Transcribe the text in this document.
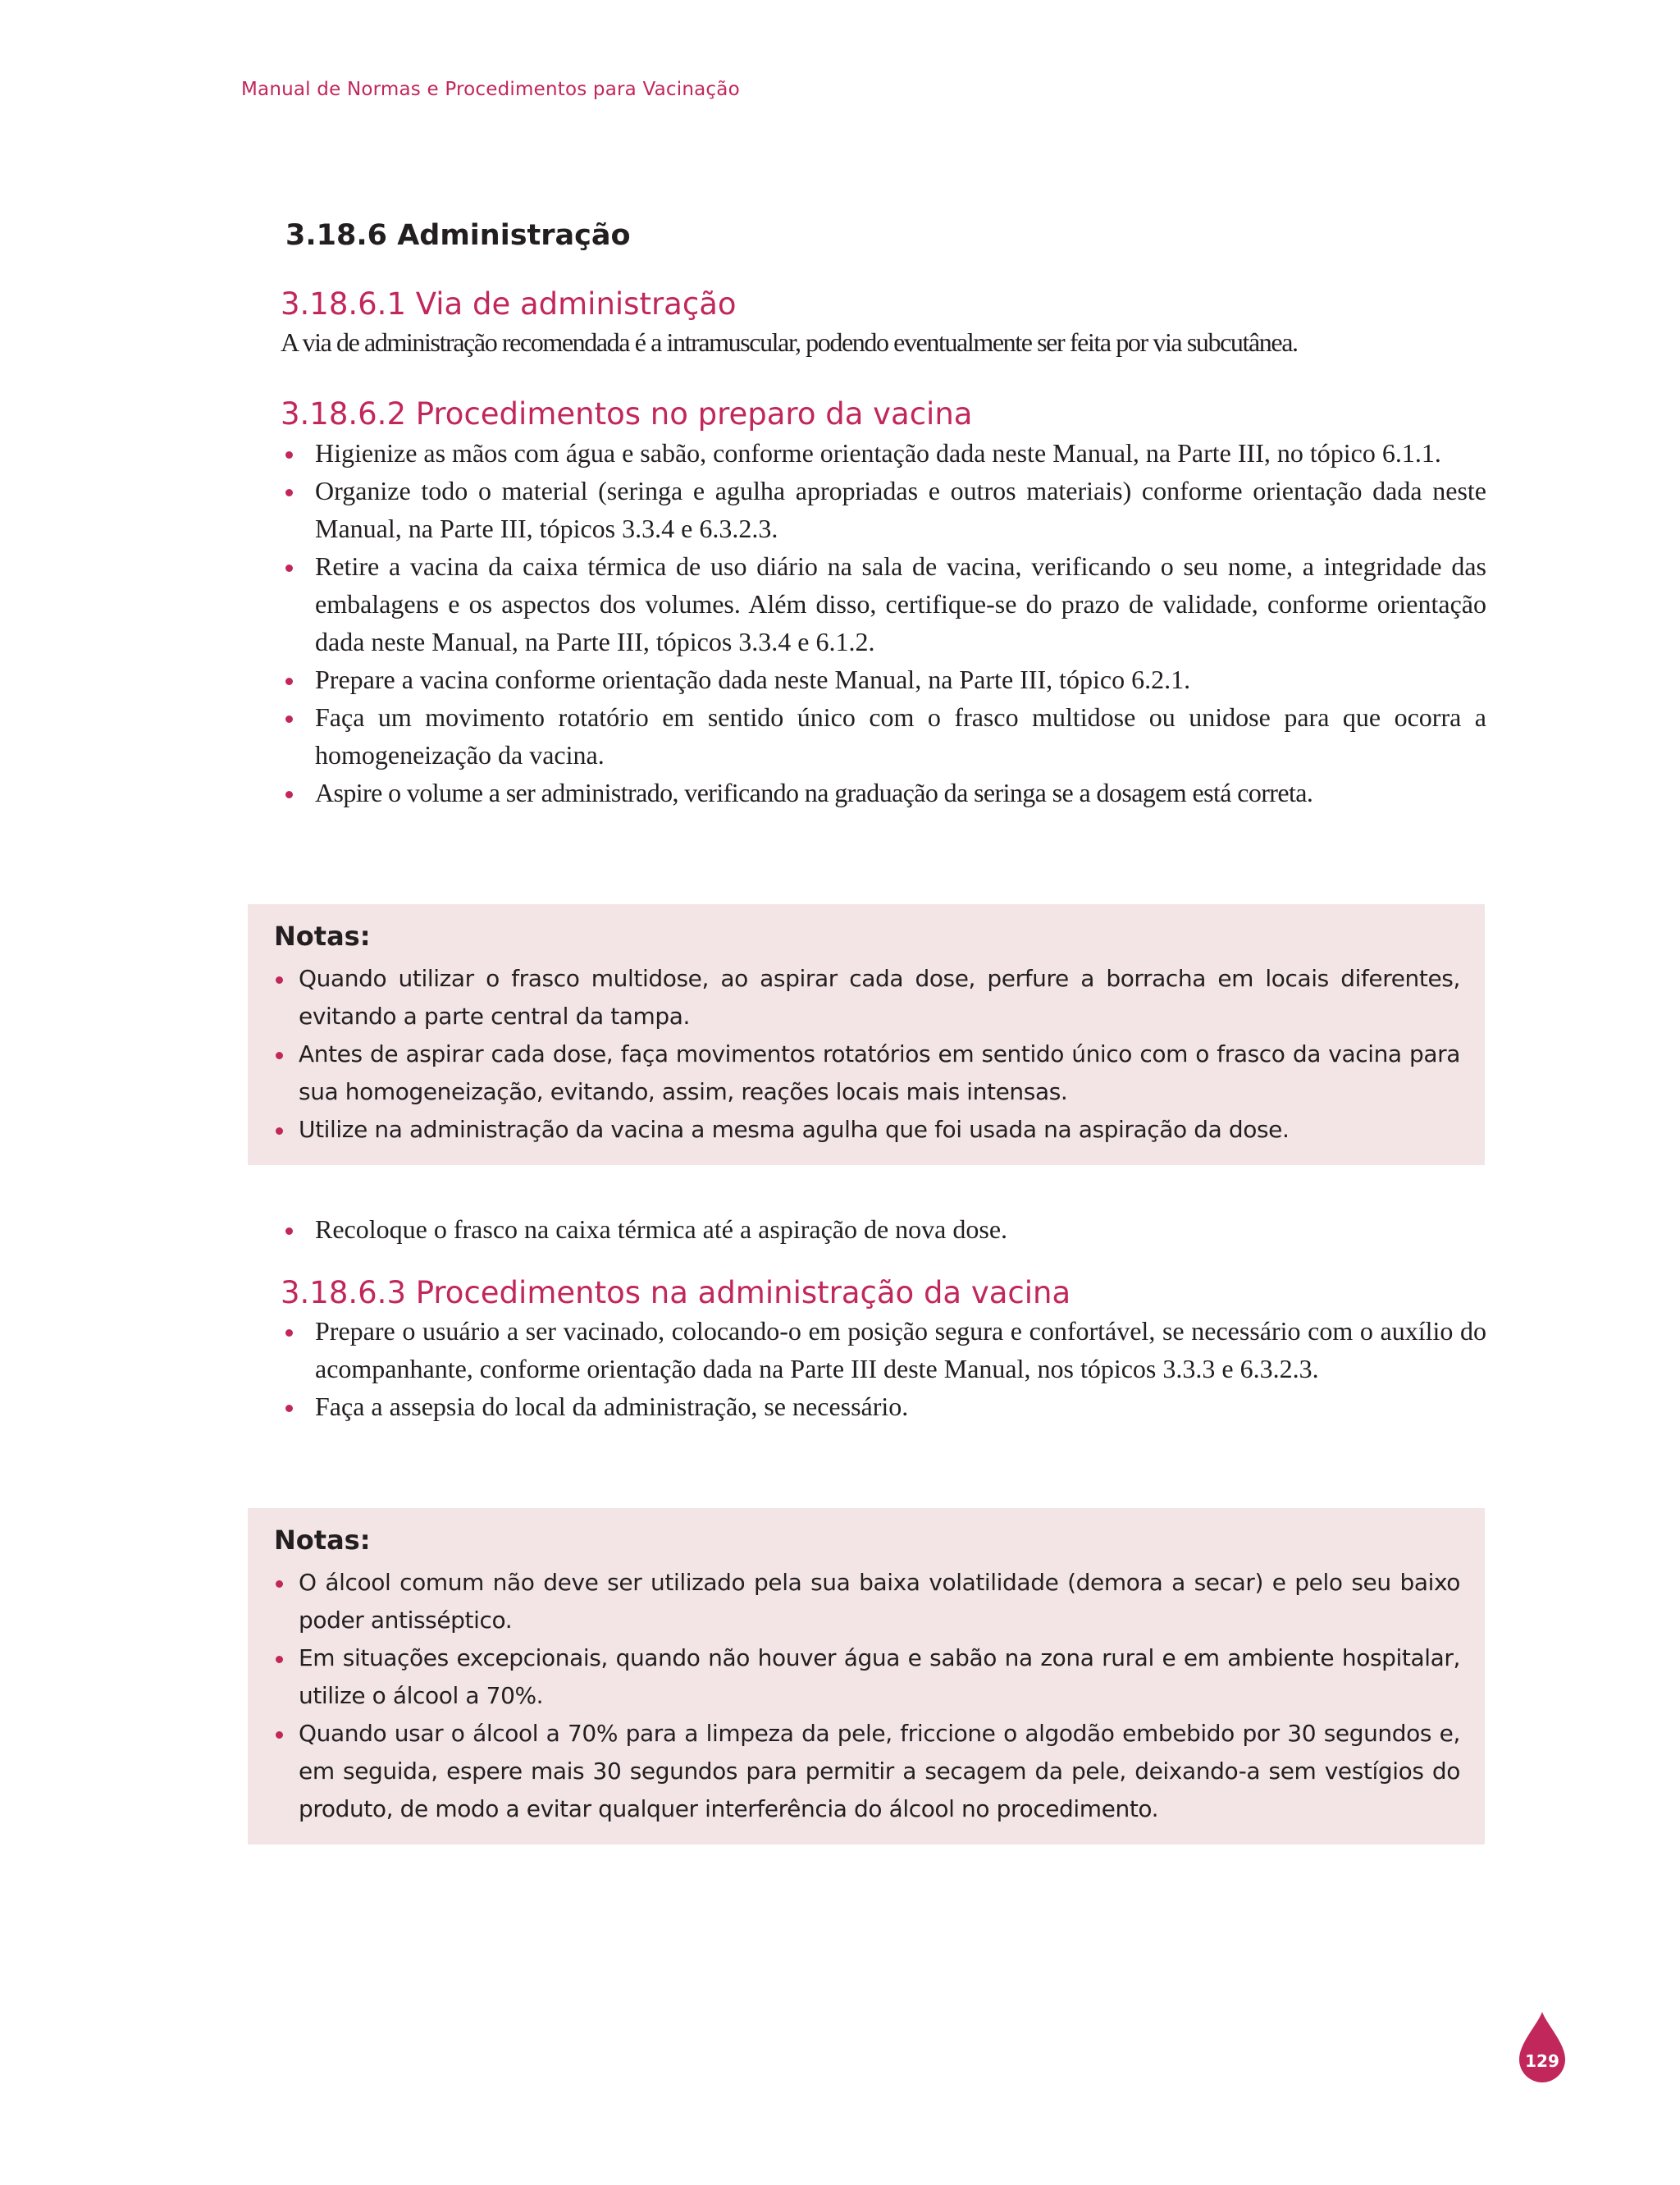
Manual de Normas e Procedimentos para Vacinação
3.18.6 Administração
3.18.6.1 Via de administração

A via de administração recomendada é a intramuscular, podendo eventualmente ser feita por via subcutânea.

3.18.6.2 Procedimentos no preparo da vacina
Higienize as mãos com água e sabão, conforme orientação dada neste Manual, na Parte III, no tópico 6.1.1.
Organize todo o material (seringa e agulha apropriadas e outros materiais) conforme orientação dada neste Manual, na Parte III, tópicos 3.3.4 e 6.3.2.3.
Retire a vacina da caixa térmica de uso diário na sala de vacina, verificando o seu nome, a integridade das embalagens e os aspectos dos volumes. Além disso, certifique-se do prazo de validade, conforme orientação dada neste Manual, na Parte III, tópicos 3.3.4 e 6.1.2.
Prepare a vacina conforme orientação dada neste Manual, na Parte III, tópico 6.2.1.
Faça um movimento rotatório em sentido único com o frasco multidose ou unidose para que ocorra a homogeneização da vacina.
Aspire o volume a ser administrado, verificando na graduação da seringa se a dosagem está correta.
Notas:
Quando utilizar o frasco multidose, ao aspirar cada dose, perfure a borracha em locais diferentes, evitando a parte central da tampa.
Antes de aspirar cada dose, faça movimentos rotatórios em sentido único com o frasco da vacina para sua homogeneização, evitando, assim, reações locais mais intensas.
Utilize na administração da vacina a mesma agulha que foi usada na aspiração da dose.
Recoloque o frasco na caixa térmica até a aspiração de nova dose.
3.18.6.3 Procedimentos na administração da vacina
Prepare o usuário a ser vacinado, colocando-o em posição segura e confortável, se necessário com o auxílio do acompanhante, conforme orientação dada na Parte III deste Manual, nos tópicos 3.3.3 e 6.3.2.3.
Faça a assepsia do local da administração, se necessário.
Notas:
O álcool comum não deve ser utilizado pela sua baixa volatilidade (demora a secar) e pelo seu baixo poder antisséptico.
Em situações excepcionais, quando não houver água e sabão na zona rural e em ambiente hospitalar, utilize o álcool a 70%.
Quando usar o álcool a 70% para a limpeza da pele, friccione o algodão embebido por 30 segundos e, em seguida, espere mais 30 segundos para permitir a secagem da pele, deixando-a sem vestígios do produto, de modo a evitar qualquer interferência do álcool no procedimento.
129
